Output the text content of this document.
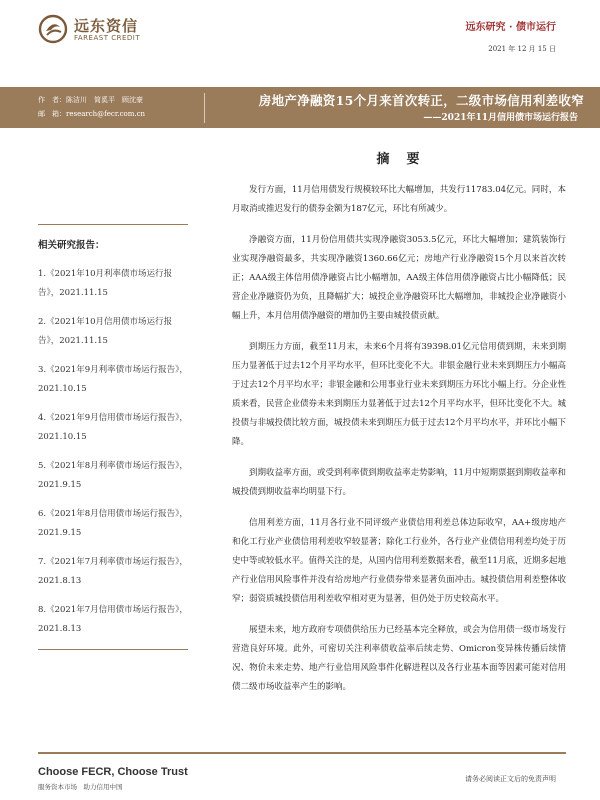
远东资信
FAREAST CREDIT
远东研究 · 债市运行
2021 年 12 月 15 日
作　者：陈洁川　简奚平　顾沈豪
邮　箱：research@fecr.com.cn
房地产净融资15个月来首次转正，二级市场信用利差收窄
——2021年11月信用债市场运行报告
相关研究报告：
1.《2021年10月利率债市场运行报告》，2021.11.15
2.《2021年10月信用债市场运行报告》，2021.11.15
3.《2021年9月利率债市场运行报告》，2021.10.15
4.《2021年9月信用债市场运行报告》，2021.10.15
5.《2021年8月利率债市场运行报告》，2021.9.15
6.《2021年8月信用债市场运行报告》，2021.9.15
7.《2021年7月利率债市场运行报告》，2021.8.13
8.《2021年7月信用债市场运行报告》，2021.8.13
摘　要

发行方面，11月信用债发行规模较环比大幅增加，共发行11783.04亿元。同时，本月取消或推迟发行的债券金额为187亿元，环比有所减少。

净融资方面，11月份信用债共实现净融资3053.5亿元，环比大幅增加；建筑装饰行业实现净融资最多，共实现净融资1360.66亿元；房地产行业净融资15个月以来首次转正；AAA级主体信用债净融资占比小幅增加，AA级主体信用债净融资占比小幅降低；民营企业净融资仍为负，且降幅扩大；城投企业净融资环比大幅增加，非城投企业净融资小幅上升，本月信用债净融资的增加仍主要由城投债贡献。

到期压力方面，截至11月末，未来6个月将有39398.01亿元信用债到期，未来到期压力显著低于过去12个月平均水平，但环比变化不大。非银金融行业未来到期压力小幅高于过去12个月平均水平；非银金融和公用事业行业未来到期压力环比小幅上行。分企业性质来看，民营企业债券未来到期压力显著低于过去12个月平均水平，但环比变化不大。城投债与非城投债比较方面，城投债未来到期压力低于过去12个月平均水平，并环比小幅下降。

到期收益率方面，或受到利率债到期收益率走势影响，11月中短期票据到期收益率和城投债到期收益率均明显下行。

信用利差方面，11月各行业不同评级产业债信用利差总体边际收窄，AA+级房地产和化工行业产业债信用利差收窄较显著；除化工行业外，各行业产业债信用利差均处于历史中等或较低水平。值得关注的是，从国内信用利差数据来看，截至11月底，近期多起地产行业信用风险事件并没有给房地产行业债券带来显著负面冲击。城投债信用利差整体收窄；弱资质城投债信用利差收窄相对更为显著，但仍处于历史较高水平。

展望未来，地方政府专项债供给压力已经基本完全释放，或会为信用债一级市场发行营造良好环境。此外，可密切关注利率债收益率后续走势、Omicron变异株传播后续情况、物价未来走势、地产行业信用风险事件化解进程以及各行业基本面等因素可能对信用债二级市场收益率产生的影响。

Choose FECR, Choose Trust
服务资本市场　助力信用中国
请务必阅读正文后的免责声明
